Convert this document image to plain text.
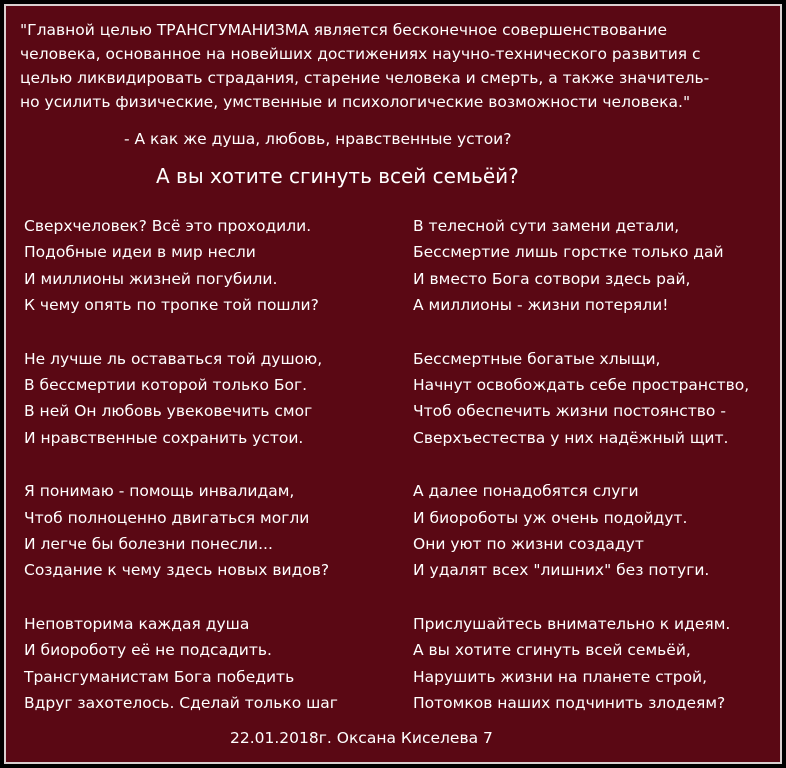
"Главной целью ТРАНСГУМАНИЗМА является бесконечное совершенствование
человека, основанное на новейших достижениях научно-технического развития с
целью ликвидировать страдания, старение человека и смерть, а также значитель-
но усилить физические, умственные и психологические возможности человека."
- А как же душа, любовь, нравственные устои?
А вы хотите сгинуть всей семьёй?
Сверхчеловек? Всё это проходили.
Подобные идеи в мир несли
И миллионы жизней погубили.
К чему опять по тропке той пошли?
Не лучше ль оставаться той душою,
В бессмертии которой только Бог.
В ней Он любовь увековечить смог
И нравственные сохранить устои.
Я понимаю - помощь инвалидам,
Чтоб полноценно двигаться могли
И легче бы болезни понесли...
Создание к чему здесь новых видов?
Неповторима каждая душа
И биороботу её не подсадить.
Трансгуманистам Бога победить
Вдруг захотелось. Сделай только шаг
В телесной сути замени детали,
Бессмертие лишь горстке только дай
И вместо Бога сотвори здесь рай,
А миллионы - жизни потеряли!
Бессмертные богатые хлыщи,
Начнут освобождать себе пространство,
Чтоб обеспечить жизни постоянство -
Сверхъестества у них надёжный щит.
А далее понадобятся слуги
И биороботы уж очень подойдут.
Они уют по жизни создадут
И удалят всех "лишних" без потуги.
Прислушайтесь внимательно к идеям.
А вы хотите сгинуть всей семьёй,
Нарушить жизни на планете строй,
Потомков наших подчинить злодеям?
22.01.2018г. Оксана Киселева 7
